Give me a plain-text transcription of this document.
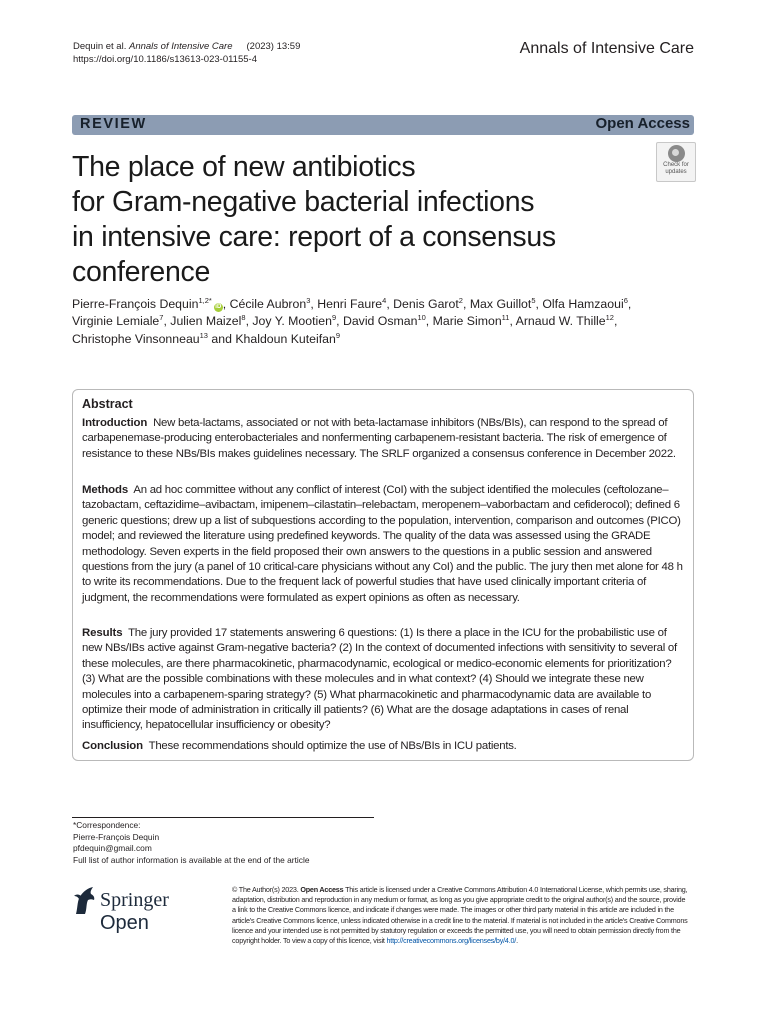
Dequin et al. Annals of Intensive Care (2023) 13:59
https://doi.org/10.1186/s13613-023-01155-4
Annals of Intensive Care
REVIEW	Open Access
The place of new antibiotics
for Gram-negative bacterial infections
in intensive care: report of a consensus
conference
Check for
updates
Pierre-François Dequin$^{1,2*}$iD , Cécile Aubron$^3$, Henri Faure$^4$, Denis Garot$^2$, Max Guillot$^5$, Olfa Hamzaoui$^6$,
Virginie Lemiale$^7$, Julien Maizel$^8$, Joy Y. Mootien$^9$, David Osman$^{10}$, Marie Simon$^{11}$, Arnaud W. Thille$^{12}$,
Christophe Vinsonneau$^{13}$ and Khaldoun Kuteifan$^9$
Abstract

Introduction New beta-lactams, associated or not with beta-lactamase inhibitors (NBs/BIs), can respond to the spread of carbapenemase-producing enterobacteriales and nonfermenting carbapenem-resistant bacteria. The risk of emergence of resistance to these NBs/BIs makes guidelines necessary. The SRLF organized a consensus conference in December 2022.

Methods An ad hoc committee without any conflict of interest (CoI) with the subject identified the molecules (ceftolozane–tazobactam, ceftazidime–avibactam, imipenem–cilastatin–relebactam, meropenem–vaborbactam and cefiderocol); defined 6 generic questions; drew up a list of subquestions according to the population, intervention, comparison and outcomes (PICO) model; and reviewed the literature using predefined keywords. The quality of the data was assessed using the GRADE methodology. Seven experts in the field proposed their own answers to the questions in a public session and answered questions from the jury (a panel of 10 critical-care physicians without any CoI) and the public. The jury then met alone for 48 h to write its recommendations. Due to the frequent lack of powerful studies that have used clinically important criteria of judgment, the recommendations were formulated as expert opinions as often as necessary.

Results The jury provided 17 statements answering 6 questions: (1) Is there a place in the ICU for the probabilistic use of new NBs/IBs active against Gram-negative bacteria? (2) In the context of documented infections with sensitivity to several of these molecules, are there pharmacokinetic, pharmacodynamic, ecological or medico-economic elements for prioritization? (3) What are the possible combinations with these molecules and in what context? (4) Should we integrate these new molecules into a carbapenem-sparing strategy? (5) What pharmacokinetic and pharmacodynamic data are available to optimize their mode of administration in critically ill patients? (6) What are the dosage adaptations in cases of renal insufficiency, hepatocellular insufficiency or obesity?

Conclusion These recommendations should optimize the use of NBs/BIs in ICU patients.

*Correspondence:
Pierre-François Dequin
pfdequin@gmail.com
Full list of author information is available at the end of the article
Springer Open

© The Author(s) 2023. Open Access This article is licensed under a Creative Commons Attribution 4.0 International License, which permits use, sharing, adaptation, distribution and reproduction in any medium or format, as long as you give appropriate credit to the original author(s) and the source, provide a link to the Creative Commons licence, and indicate if changes were made. The images or other third party material in this article are included in the article’s Creative Commons licence, unless indicated otherwise in a credit line to the material. If material is not included in the article’s Creative Commons licence and your intended use is not permitted by statutory regulation or exceeds the permitted use, you will need to obtain permission directly from the copyright holder. To view a copy of this licence, visit http://creativecommons.org/licenses/by/4.0/.
